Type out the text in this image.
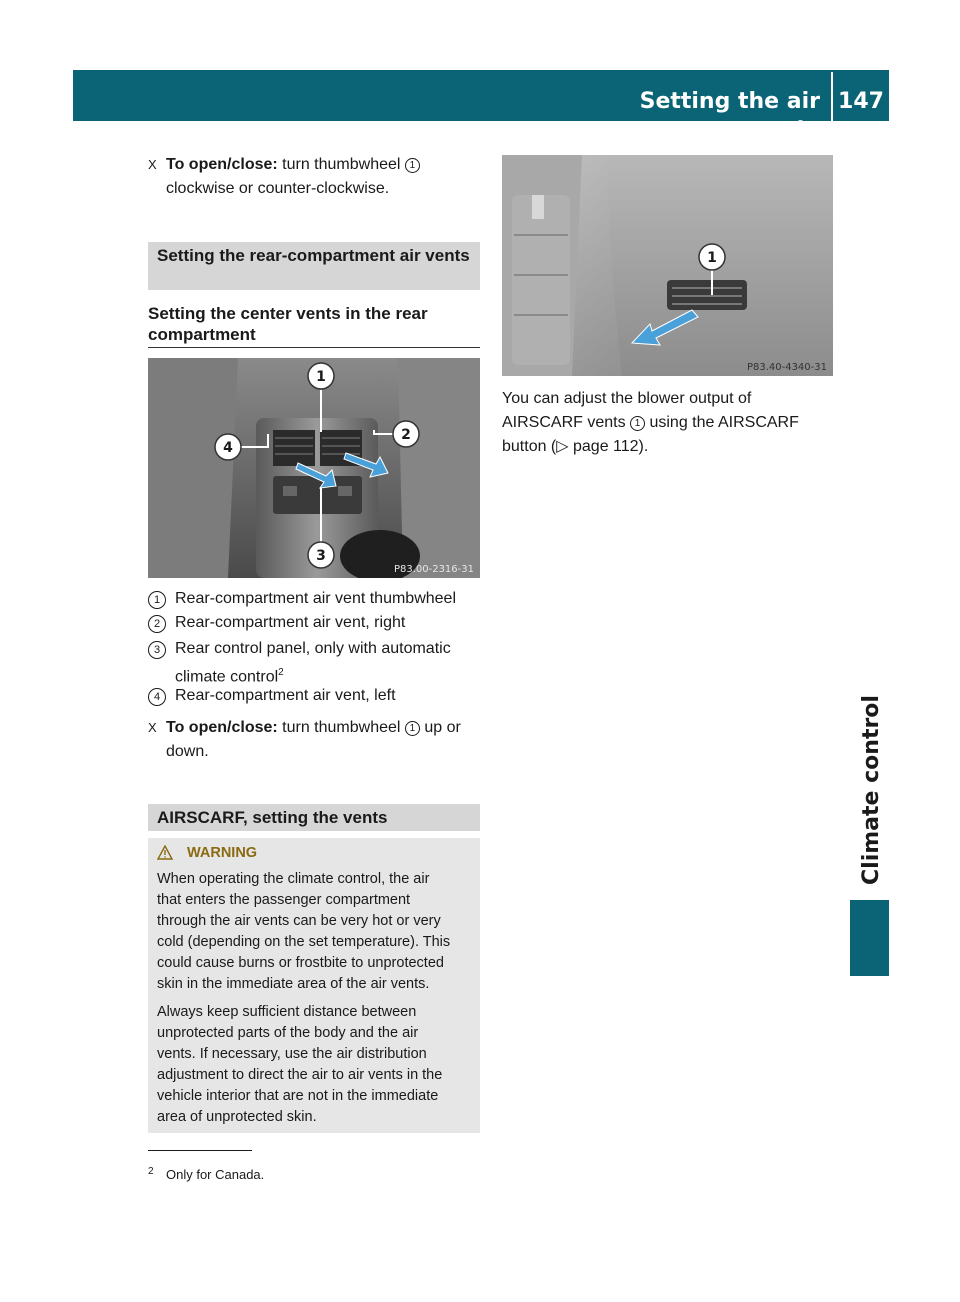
Setting the air vents
147
Climate control
X To open/close: turn thumbwheel 1
clockwise or counter-clockwise.
Setting the rear-compartment air vents
Setting the center vents in the rear compartment
1
2
3
4
P83.00-2316-31
1 Rear-compartment air vent thumbwheel
2 Rear-compartment air vent, right
3 Rear control panel, only with automatic
climate control$^2$
4 Rear-compartment air vent, left
X To open/close: turn thumbwheel 1 up or
down.
AIRSCARF, setting the vents
WARNING
When operating the climate control, the air
that enters the passenger compartment
through the air vents can be very hot or very
cold (depending on the set temperature). This
could cause burns or frostbite to unprotected
skin in the immediate area of the air vents.
Always keep sufficient distance between
unprotected parts of the body and the air
vents. If necessary, use the air distribution
adjustment to direct the air to air vents in the
vehicle interior that are not in the immediate
area of unprotected skin.
1
P83.40-4340-31
You can adjust the blower output of
AIRSCARF vents 1 using the AIRSCARF
button (▷ page 112).
2 Only for Canada.
